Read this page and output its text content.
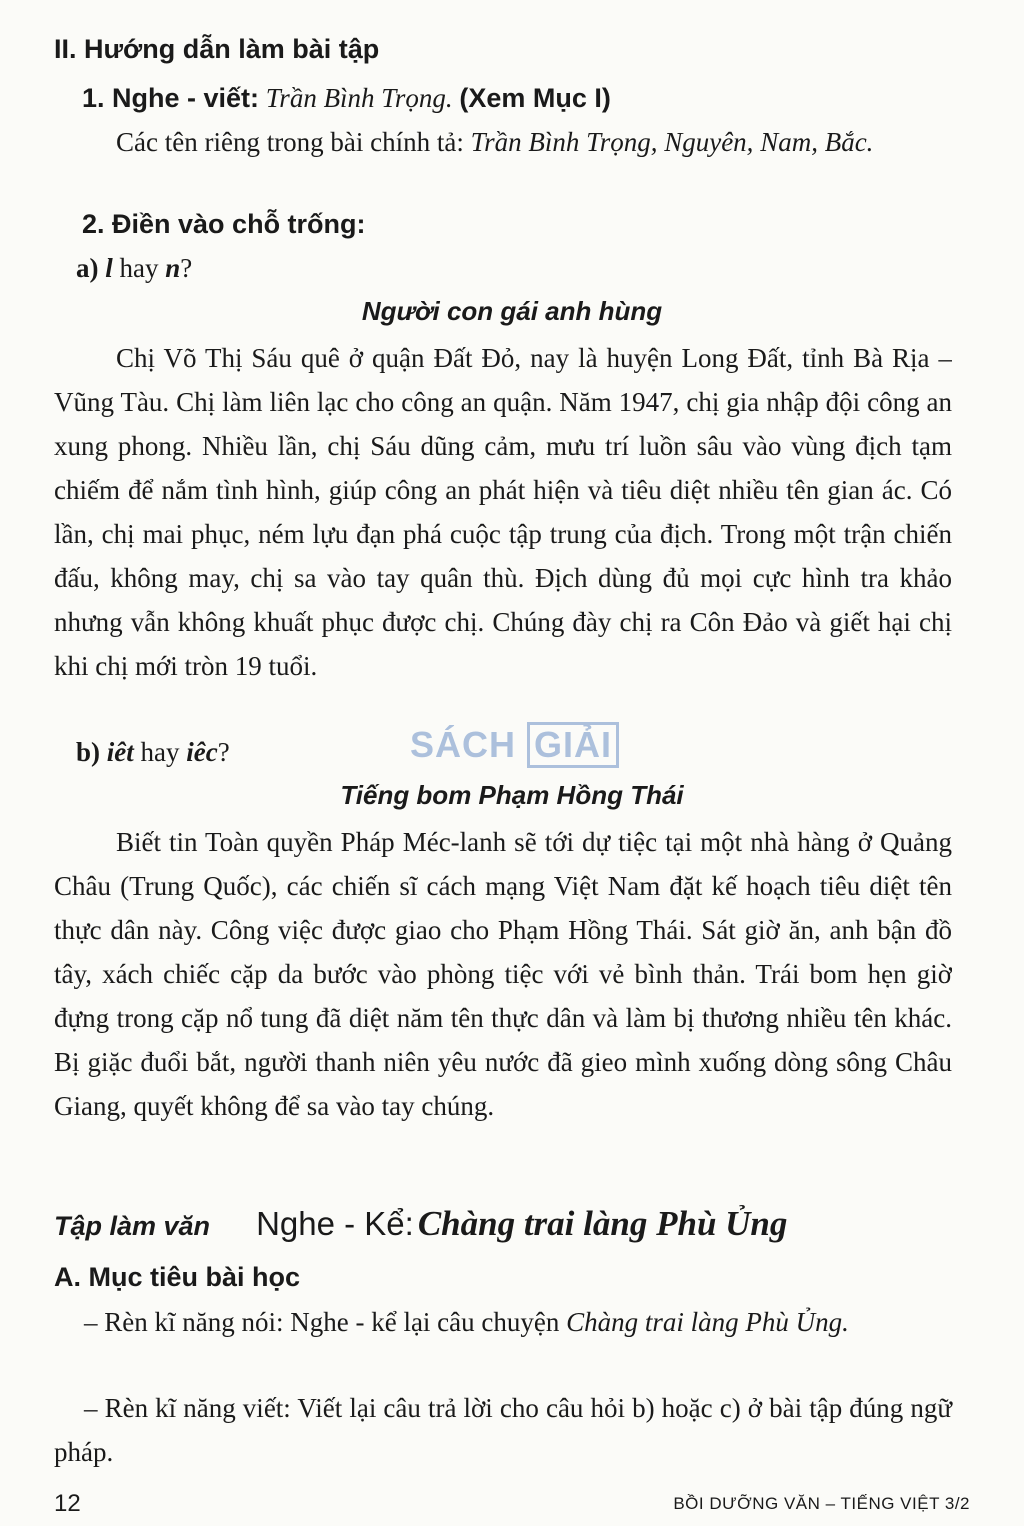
II. Hướng dẫn làm bài tập
1. Nghe - viết: Trần Bình Trọng. (Xem Mục I)
Các tên riêng trong bài chính tả: Trần Bình Trọng, Nguyên, Nam, Bắc.
2. Điền vào chỗ trống:
a) l hay n?
Người con gái anh hùng
Chị Võ Thị Sáu quê ở quận Đất Đỏ, nay là huyện Long Đất, tỉnh Bà Rịa – Vũng Tàu. Chị làm liên lạc cho công an quận. Năm 1947, chị gia nhập đội công an xung phong. Nhiều lần, chị Sáu dũng cảm, mưu trí luồn sâu vào vùng địch tạm chiếm để nắm tình hình, giúp công an phát hiện và tiêu diệt nhiều tên gian ác. Có lần, chị mai phục, ném lựu đạn phá cuộc tập trung của địch. Trong một trận chiến đấu, không may, chị sa vào tay quân thù. Địch dùng đủ mọi cực hình tra khảo nhưng vẫn không khuất phục được chị. Chúng đày chị ra Côn Đảo và giết hại chị khi chị mới tròn 19 tuổi.
b) iêt hay iêc?	SÁCH GIẢI
Tiếng bom Phạm Hồng Thái
Biết tin Toàn quyền Pháp Méc-lanh sẽ tới dự tiệc tại một nhà hàng ở Quảng Châu (Trung Quốc), các chiến sĩ cách mạng Việt Nam đặt kế hoạch tiêu diệt tên thực dân này. Công việc được giao cho Phạm Hồng Thái. Sát giờ ăn, anh bận đồ tây, xách chiếc cặp da bước vào phòng tiệc với vẻ bình thản. Trái bom hẹn giờ đựng trong cặp nổ tung đã diệt năm tên thực dân và làm bị thương nhiều tên khác. Bị giặc đuổi bắt, người thanh niên yêu nước đã gieo mình xuống dòng sông Châu Giang, quyết không để sa vào tay chúng.
Tập làm văn Nghe - Kể: Chàng trai làng Phù Ủng
A. Mục tiêu bài học
– Rèn kĩ năng nói: Nghe - kể lại câu chuyện Chàng trai làng Phù Ủng.
– Rèn kĩ năng viết: Viết lại câu trả lời cho câu hỏi b) hoặc c) ở bài tập đúng ngữ pháp.
12	BỒI DƯỠNG VĂN – TIẾNG VIỆT 3/2
